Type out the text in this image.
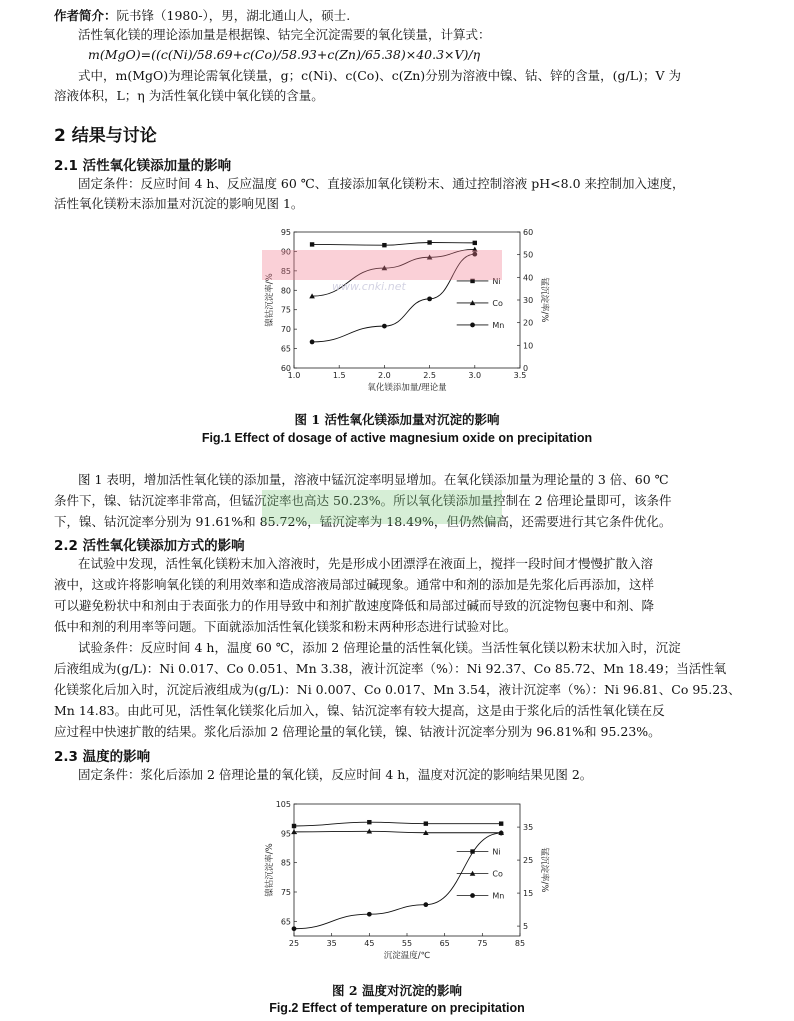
作者简介：阮书锋（1980-），男，湖北通山人，硕士.
活性氧化镁的理论添加量是根据镍、钴完全沉淀需要的氧化镁量，计算式：
m(MgO)=((c(Ni)/58.69+c(Co)/58.93+c(Zn)/65.38)×40.3×V)/η
式中，m(MgO)为理论需氧化镁量，g；c(Ni)、c(Co)、c(Zn)分别为溶液中镍、钴、锌的含量，(g/L)；V 为
溶液体积，L；η 为活性氧化镁中氧化镁的含量。
2 结果与讨论
2.1 活性氧化镁添加量的影响
固定条件：反应时间 4 h、反应温度 60 ℃、直接添加氧化镁粉末、通过控制溶液 pH<8.0 来控制加入速度，
活性氧化镁粉末添加量对沉淀的影响见图 1。
1.0	1.5	2.0	2.5	3.0	3.5
60
65
70
75
80
85
90
95
0
10
20
30
40
50
60
氧化镁添加量/理论量
镍钴沉淀率/%	锰沉淀率/%
Ni
Co
Mn
图 1 活性氧化镁添加量对沉淀的影响
Fig.1 Effect of dosage of active magnesium oxide on precipitation
图 1 表明，增加活性氧化镁的添加量，溶液中锰沉淀率明显增加。在氧化镁添加量为理论量的 3 倍、60 ℃
条件下，镍、钴沉淀率非常高，但锰沉淀率也高达 50.23%。所以氧化镁添加量控制在 2 倍理论量即可，该条件
下，镍、钴沉淀率分别为 91.61%和 85.72%，锰沉淀率为 18.49%，但仍然偏高，还需要进行其它条件优化。
2.2 活性氧化镁添加方式的影响
在试验中发现，活性氧化镁粉末加入溶液时，先是形成小团漂浮在液面上，搅拌一段时间才慢慢扩散入溶
液中，这或许将影响氧化镁的利用效率和造成溶液局部过碱现象。通常中和剂的添加是先浆化后再添加，这样
可以避免粉状中和剂由于表面张力的作用导致中和剂扩散速度降低和局部过碱而导致的沉淀物包裹中和剂、降
低中和剂的利用率等问题。下面就添加活性氧化镁浆和粉末两种形态进行试验对比。
试验条件：反应时间 4 h，温度 60 ℃，添加 2 倍理论量的活性氧化镁。当活性氧化镁以粉末状加入时，沉淀
后液组成为(g/L)：Ni 0.017、Co 0.051、Mn 3.38，液计沉淀率（%）：Ni 92.37、Co 85.72、Mn 18.49；当活性氧
化镁浆化后加入时，沉淀后液组成为(g/L)：Ni 0.007、Co 0.017、Mn 3.54，液计沉淀率（%）：Ni 96.81、Co 95.23、
Mn 14.83。由此可见，活性氧化镁浆化后加入，镍、钴沉淀率有较大提高，这是由于浆化后的活性氧化镁在反
应过程中快速扩散的结果。浆化后添加 2 倍理论量的氧化镁，镍、钴液计沉淀率分别为 96.81%和 95.23%。
2.3 温度的影响
固定条件：浆化后添加 2 倍理论量的氧化镁，反应时间 4 h，温度对沉淀的影响结果见图 2。
25	35	45	55	65	75	85
65
75
85
95
105
5
15
25
35
沉淀温度/℃
镍钴沉淀率/%	锰沉淀率/%
Ni
Co
Mn
图 2 温度对沉淀的影响
Fig.2 Effect of temperature on precipitation
www.cnki.net
